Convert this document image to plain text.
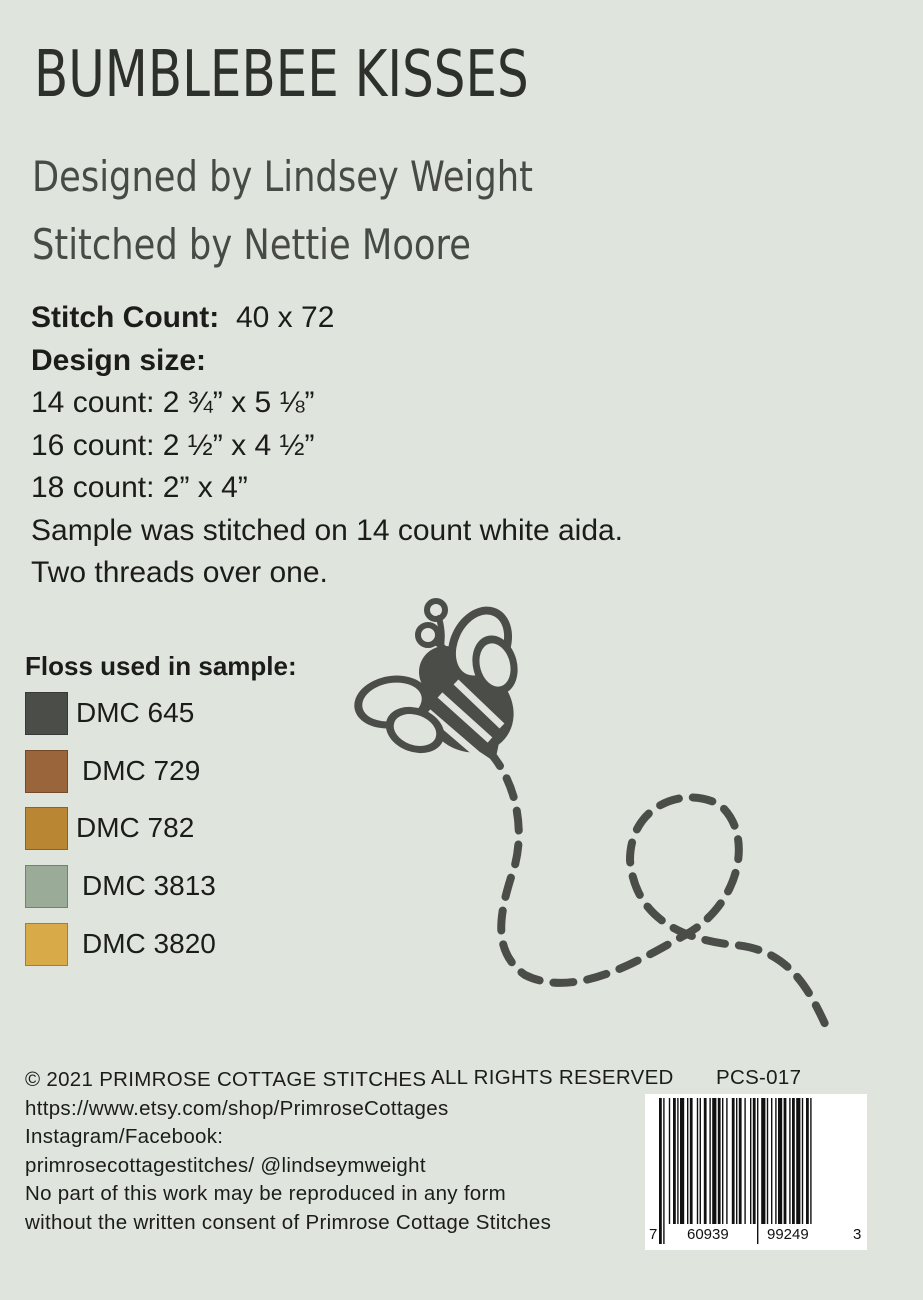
BUMBLEBEE KISSES
Designed by Lindsey Weight
Stitched by Nettie Moore
Stitch Count: 40 x 72
Design size:
14 count: 2 ¾” x 5 ⅛”
16 count: 2 ½” x 4 ½”
18 count: 2” x 4”
Sample was stitched on 14 count white aida.
Two threads over one.
Floss used in sample:
DMC 645
DMC 729
DMC 782
DMC 3813
DMC 3820
© 2021 PRIMROSE COTTAGE STITCHES
https://www.etsy.com/shop/PrimroseCottages
Instagram/Facebook:
primrosecottagestitches/ @lindseymweight
No part of this work may be reproduced in any form
without the written consent of Primrose Cottage Stitches
ALL RIGHTS RESERVED PCS-017
7 60939	99249	3
